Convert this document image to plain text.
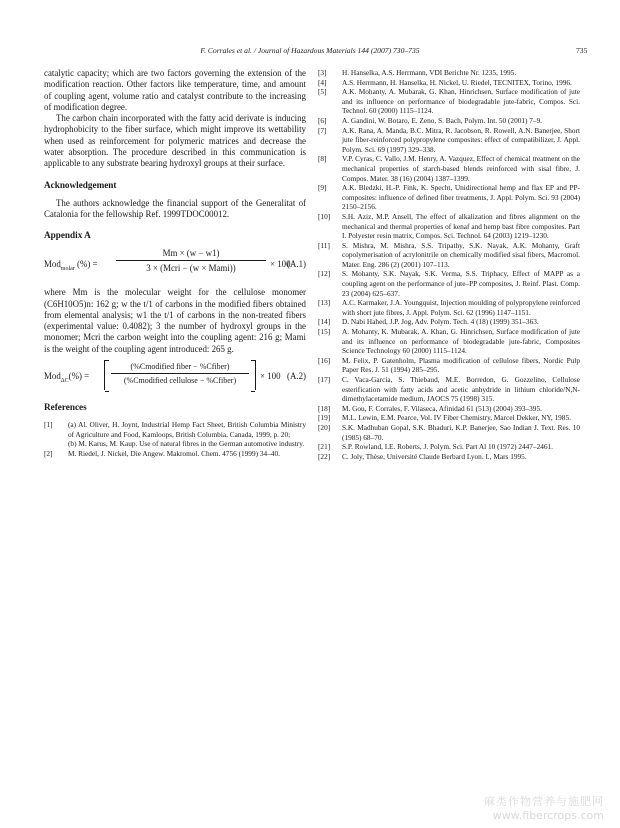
F. Corrales et al. / Journal of Hazardous Materials 144 (2007) 730–735	735

catalytic capacity; which are two factors governing the extension of the modification reaction. Other factors like temperature, time, and amount of coupling agent, volume ratio and catalyst contribute to the increasing of modification degree.

The carbon chain incorporated with the fatty acid derivate is inducing hydrophobicity to the fiber surface, which might improve its wettability when used as reinforcement for polymeric matrices and decrease the water absorption. The procedure described in this communication is applicable to any substrate bearing hydroxyl groups at their surface.

Acknowledgement

The authors acknowledge the financial support of the Generalitat of Catalonia for the fellowship Ref. 1999TDOC00012.

Appendix A
Mod$_{molar}$ (%) =
Mm × (w − w1)
3 × (Mcri − (w × Mami))	× 100
(A.1)

where Mm is the molecular weight for the cellulose monomer (C6H10O5)n: 162 g; w the t/1 of carbons in the modified fibers obtained from elemental analysis; w1 the t/1 of carbons in the non-treated fibers (experimental value: 0.4082); 3 the number of hydroxyl groups in the monomer; Mcri the carbon weight into the coupling agent: 216 g; Mami is the weight of the coupling agent introduced: 265 g.

Mod$_{\Delta C}$(%) =
(%Cmodified fiber − %Cfiber)
(%Cmodified cellulose − %Cfiber)	× 100 (A.2)
References
[1] (a) Al. Oliver, H. Joynt, Industrial Hemp Fact Sheet, British Columbia Ministry of Agriculture and Food, Kamloops, British Columbia, Canada, 1999, p. 20;
(b) M. Karus, M. Kaup. Use of natural fibres in the German automotive industry.
[2] M. Riedel, J. Nickel, Die Angew. Makromol. Chem. 4756 (1999) 34–40.
[3] H. Hanselka, A.S. Herrmann, VDI Berichte Nr. 1235, 1995.
[4] A.S. Herrmann, H. Hanselka, H. Nickel, U. Riedel, TECNITEX, Torino, 1996.
[5] A.K. Mohanty, A. Mubarak, G. Khan, Hinrichsen, Surface modification of jute and its influence on performance of biodegradable jute-fabric, Compos. Sci. Technol. 60 (2000) 1115–1124.
[6] A. Gandini, W. Botaro, E. Zeno, S. Bach, Polym. Int. 50 (2001) 7–9.
[7] A.K. Rana, A. Manda, B.C. Mitra, R. Jacobson, R. Rowell, A.N. Banerjee, Short jute fiber-reinforced polypropylene composites: effect of compatibilizer, J. Appl. Polym. Sci. 69 (1997) 329–338.
[8] V.P. Cyras, C. Vallo, J.M. Henry, A. Vazquez, Effect of chemical treatment on the mechanical properties of starch-based blends reinforced with sisal fibre, J. Compos. Mater. 38 (16) (2004) 1387–1399.
[9] A.K. Bledzki, H.-P. Fink, K. Specht, Unidirectional hemp and flax EP and PP-composites: influence of defined fiber treatments, J. Appl. Polym. Sci. 93 (2004) 2150–2156.
[10] S.H. Aziz, M.P. Ansell, The effect of alkalization and fibres alignment on the mechanical and thermal properties of kenaf and hemp bast fibre composites. Part I. Polyester resin matrix, Compos. Sci. Technol. 64 (2003) 1219–1230.
[11] S. Mishra, M. Mishra, S.S. Tripathy, S.K. Nayak, A.K. Mohanty, Graft copolymerisation of acrylonitrile on chemically modified sisal fibers, Macromol. Mater. Eng. 286 (2) (2001) 107–113.
[12] S. Mohanty, S.K. Nayak, S.K. Verma, S.S. Triphacy, Effect of MAPP as a coupling agent on the performance of jute–PP composites, J. Reinf. Plast. Comp. 23 (2004) 625–637.
[13] A.C. Karmaker, J.A. Youngquist, Injection moulding of polypropylene reinforced with short jute fibres, J. Appl. Polym. Sci. 62 (1996) 1147–1151.
[14] D. Nabi Hahed, J.P. Jog, Adv. Polym. Tech. 4 (18) (1999) 351–363.
[15] A. Mohanty, K. Mubarak, A. Khan, G. Hinrichsen, Surface modification of jute and its influence on performance of biodegradable jute-fabric, Composites Science Technology 60 (2000) 1115–1124.
[16] M. Felix, P. Gatenholm, Plasma modification of cellulose fibers, Nordic Pulp Paper Res. J. 51 (1994) 285–295.
[17] C. Vaca-Garcia, S. Thiebaud, M.E. Borredon, G. Gozzelino, Cellulose esterification with fatty acids and acetic anhydride in lithium chloride/N,N-dimethylacetamide medium, JAOCS 75 (1998) 315.
[18] M. Gou, F. Corrales, F. Vilaseca, Afinidad 61 (513) (2004) 393–395.
[19] M.L. Lewin, E.M. Pearce, Vol. IV Fiber Chemistry, Marcel Dekker, NY, 1985.
[20] S.K. Madhuban Gopal, S.K. Bhaduri, K.P. Banerjee, Sao Indian J. Text. Res. 10 (1985) 68–70.
[21] S.P. Rowland, I.E. Roberts, J. Polym. Sci. Part Al 10 (1972) 2447–2461.
[22] C. Joly, Thèse, Université Claude Berbard Lyon. I., Mars 1995.
麻类作物营养与施肥网
www.fibercrops.com
